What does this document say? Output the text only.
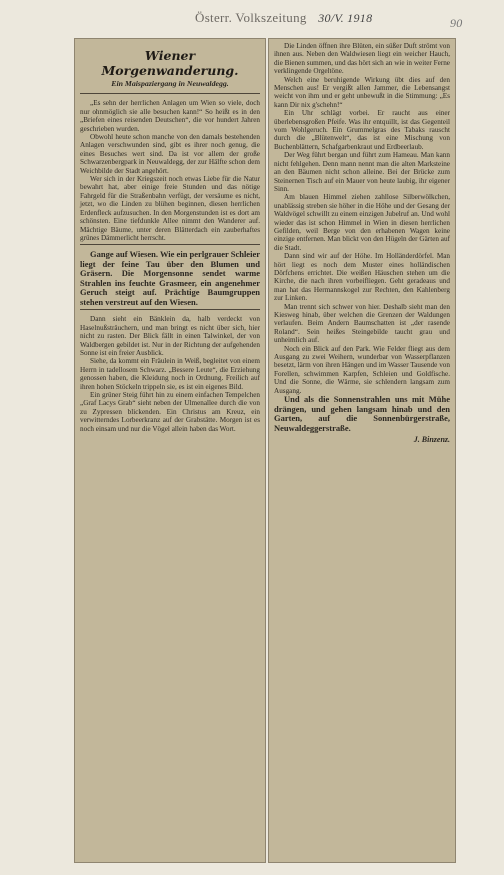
Österr. Volkszeitung 30/V. 1918	90
Wiener Morgenwanderung.
Ein Maispaziergang in Neuwaldegg.

„Es sehn der herrlichen Anlagen um Wien so viele, doch nur ohnmöglich sie alle besuchen kann!“ So heißt es in den „Briefen eines reisenden Deutschen“, die vor hundert Jahren geschrieben wurden.

Obwohl heute schon manche von den damals bestehenden Anlagen verschwunden sind, gibt es ihrer noch genug, die eines Besuches wert sind. Da ist vor allem der große Schwarzenbergpark in Neuwaldegg, der zur Hälfte schon dem Weichbilde der Stadt angehört.

Wer sich in der Kriegszeit noch etwas Liebe für die Natur bewahrt hat, aber einige freie Stunden und das nötige Fahrgeld für die Straßenbahn verfügt, der versäume es nicht, jetzt, wo die Linden zu blühen beginnen, diesen herrlichen Erdenfleck aufzusuchen. In den Morgenstunden ist es dort am schönsten. Eine tiefdunkle Allee nimmt den Wanderer auf. Mächtige Bäume, unter deren Blätterdach ein zauberhaftes grünes Dämmerlicht herrscht.

Gange auf Wiesen. Wie ein perlgrauer Schleier liegt der feine Tau über den Blumen und Gräsern. Die Morgensonne sendet warme Strahlen ins feuchte Grasmeer, ein angenehmer Geruch steigt auf. Prächtige Baumgruppen stehen verstreut auf den Wiesen.

Dann sieht ein Bänklein da, halb verdeckt von Haselnußsträuchern, und man bringt es nicht über sich, hier nicht zu rasten. Der Blick fällt in einen Talwinkel, der von Waldbergen gebildet ist. Nur in der Richtung der aufgehenden Sonne ist ein freier Ausblick.

Siehe, da kommt ein Fräulein in Weiß, begleitet von einem Herrn in tadellosem Schwarz. „Bessere Leute“, die Erziehung genossen haben, die Kleidung noch in Ordnung. Freilich auf ihren hohen Stöckeln trippeln sie, es ist ein eigenes Bild.

Ein grüner Steig führt hin zu einem einfachen Tempelchen „Graf Lacys Grab“ sieht neben der Ulmenallee durch die von zu Zypressen blickenden. Ein Christus am Kreuz, ein verwitterndes Lorbeerkranz auf der Grabstätte. Morgen ist es noch einsam und nur die Vögel allein haben das Wort.

Die Linden öffnen ihre Blüten, ein süßer Duft strömt von ihnen aus. Neben den Waldwiesen liegt ein weicher Hauch, die Bienen summen, und das hört sich an wie in weiter Ferne verklingende Orgeltöne.

Welch eine beruhigende Wirkung übt dies auf den Menschen aus! Er vergißt allen Jammer, die Lebensangst weicht von ihm und er geht unbewußt in die Stimmung: „Es kann Dir nix g'schehn!“

Ein Uhr schlägt vorbei. Er raucht aus einer überlebensgroßen Pfeife. Was ihr entquillt, ist das Gegenteil vom Wohlgeruch. Ein Grummelgras des Tabaks rauscht durch die „Blütenwelt“, das ist eine Mischung von Buchenblättern, Schafgarbenkraut und Erdbeerlaub.

Der Weg führt bergan und führt zum Hameau. Man kann nicht fehlgehen. Denn mann nennt man die alten Marksteine an den Bäumen nicht schon alleine. Bei der Brücke zum Steinernen Tisch auf ein Mauer von heute laubig, ihr eigener Sinn.

Am blauen Himmel ziehen zahllose Silberwölkchen, unablässig streben sie höher in die Höhe und der Gesang der Waldvögel schwillt zu einem einzigen Jubelruf an. Und wohl wieder das ist schon Himmel in Wien in diesen herrlichen Gefilden, weil Berge von den erhabenen Wagen keine einzige entfernen. Man blickt von den Hügeln der Gärten auf die Stadt.

Dann sind wir auf der Höhe. Im Holländerdörfel. Man hört liegt es noch dem Muster eines holländischen Dörfchens errichtet. Die weißen Häuschen stehen um die Kirche, die nach ihren vorbeifliegen. Geht geradeaus und man hat das Hermannskogel zur Rechten, den Kahlenberg zur Linken.

Man trennt sich schwer von hier. Deshalb sieht man den Kiesweg hinab, über welchen die Grenzen der Waldungen verlaufen. Beim Andern Baumschatten ist „der rasende Roland“. Sein heißes Steingebilde taucht grau und unheimlich auf.

Noch ein Blick auf den Park. Wie Felder fliegt aus dem Ausgang zu zwei Weihern, wunderbar von Wasserpflanzen besetzt, lärm von ihren Hängen und im Wasser Tausende von Forellen, schwimmen Karpfen, Schleien und Goldfische. Und die Sonne, die Wärme, sie schlendern langsam zum Ausgang.

Und als die Sonnenstrahlen uns mit Mühe drängen, und gehen langsam hinab und den Garten, auf die Sonnenbürgerstraße, Neuwaldeggerstraße.

J. Binzenz.
